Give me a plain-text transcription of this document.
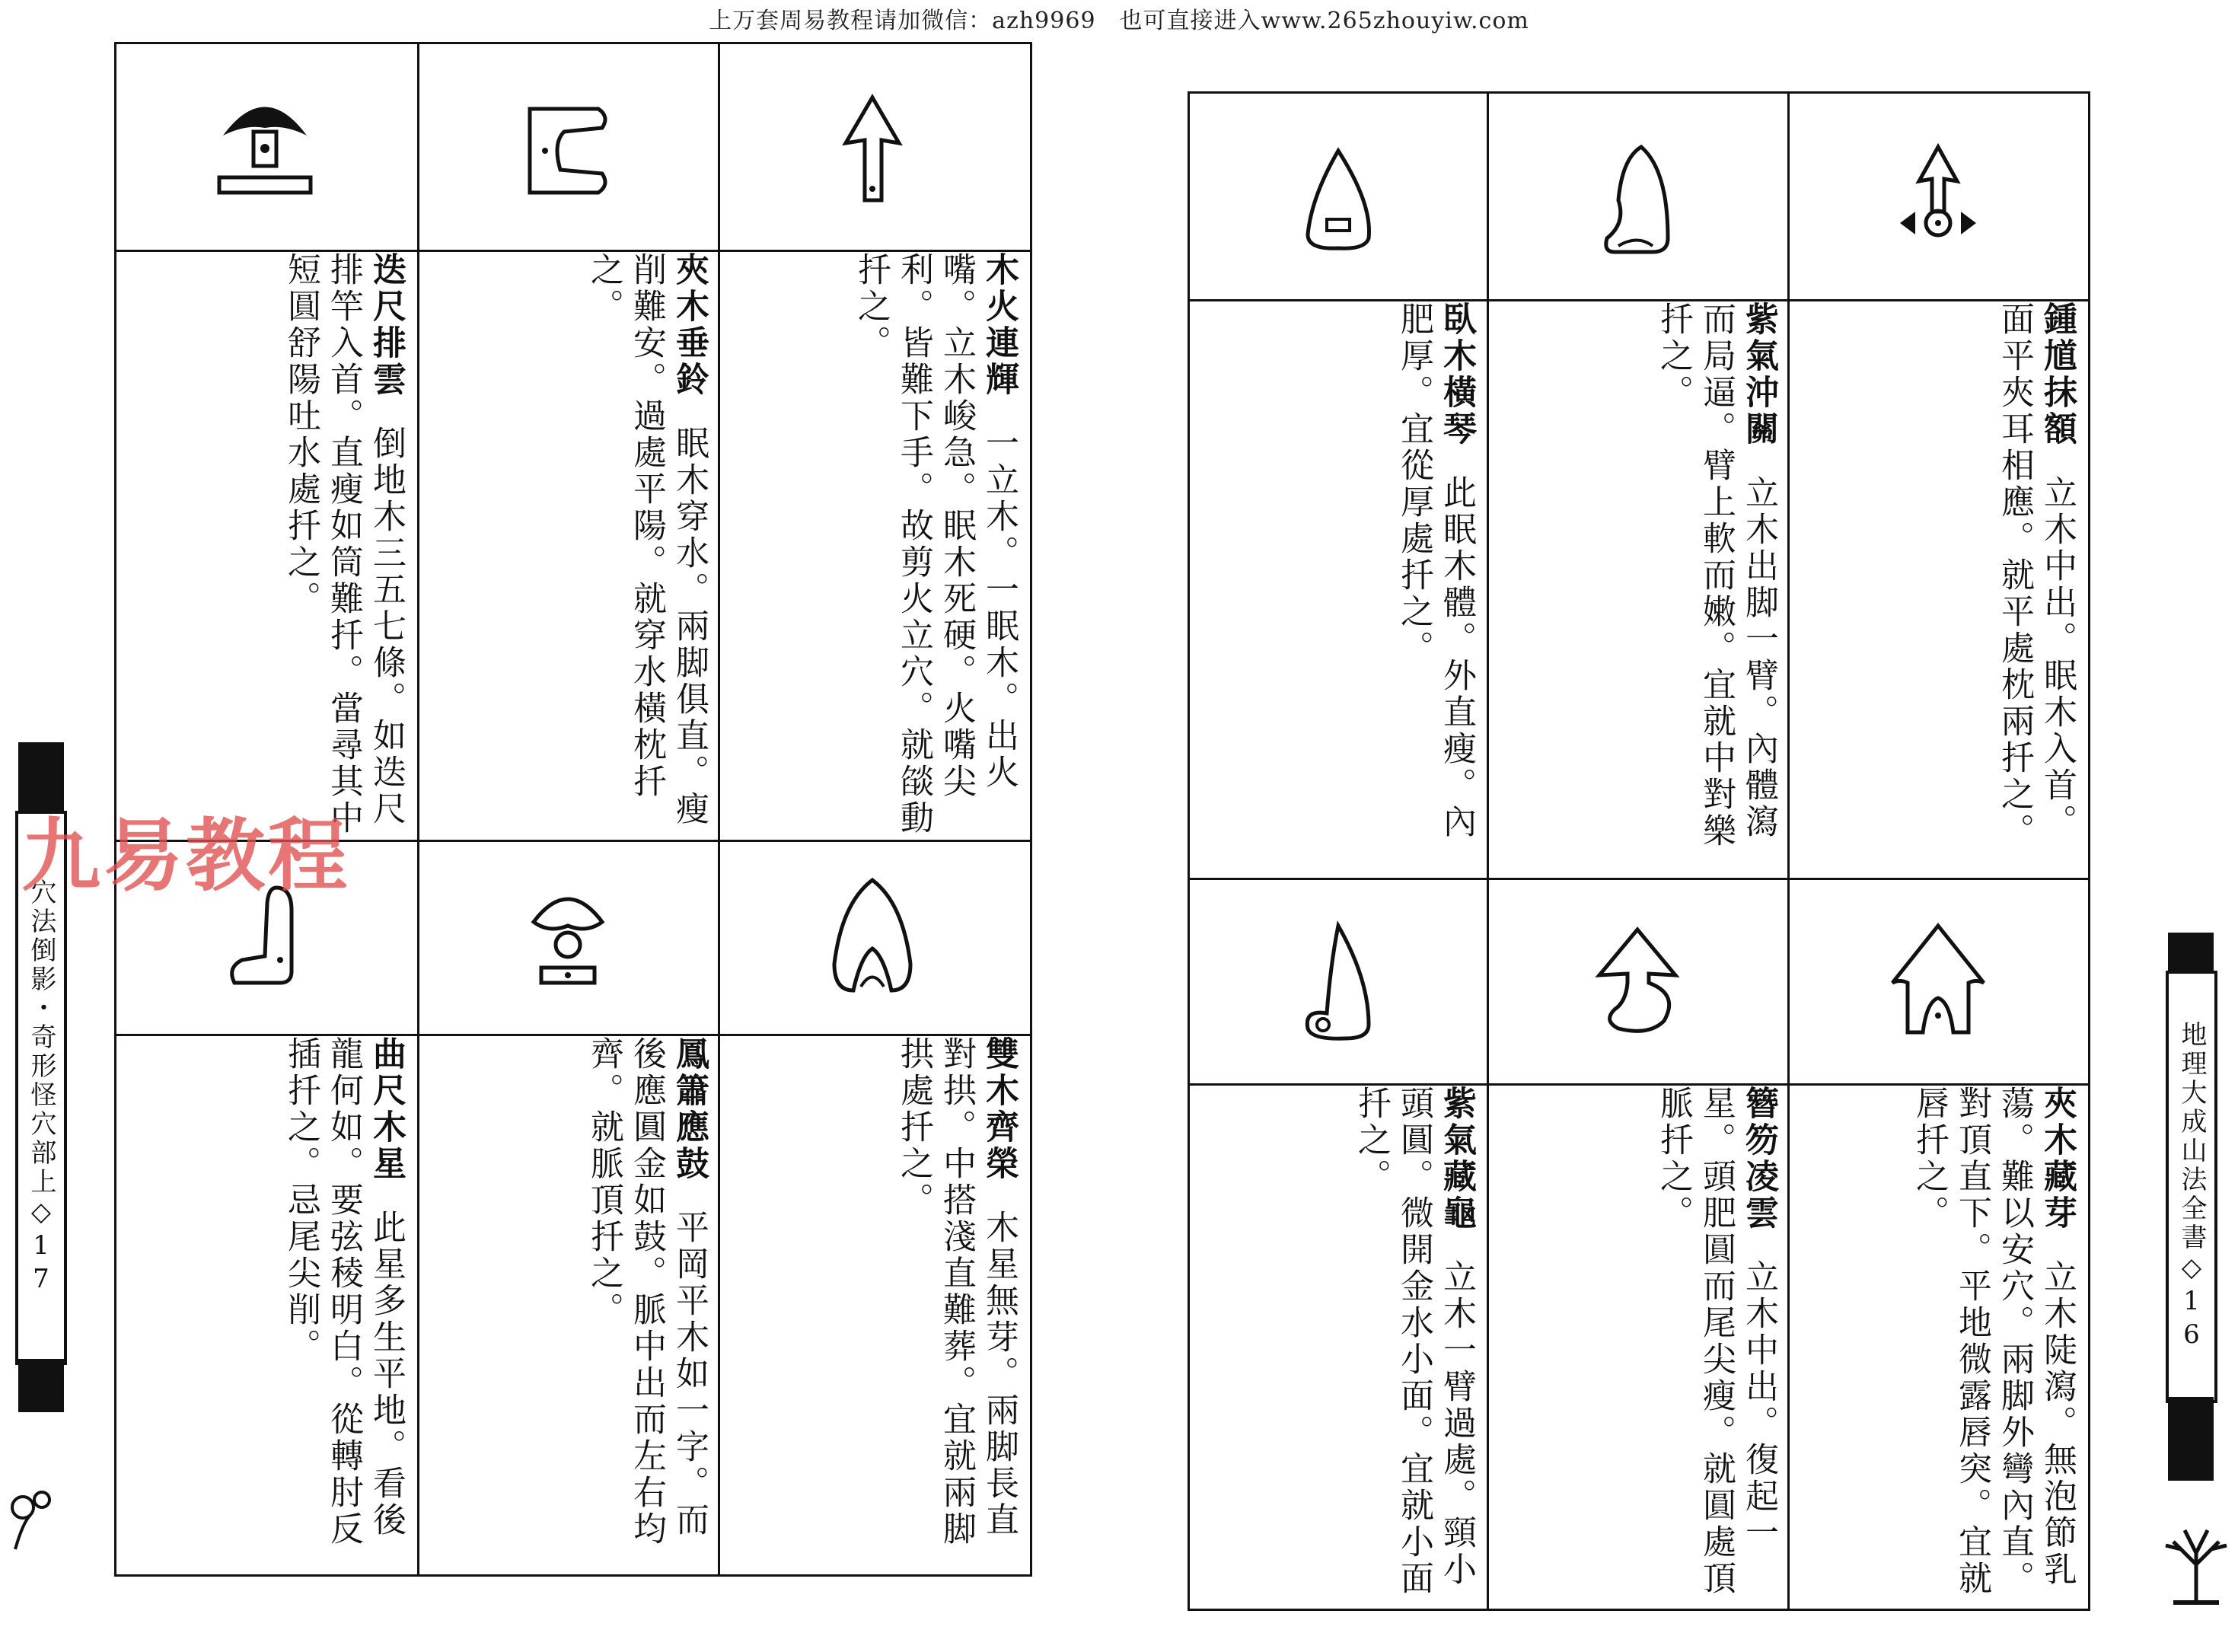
上万套周易教程请加微信：azh9969　也可直接进入www.265zhouyiw.com
木火連輝一立木。一眠木。出火嘴。立木峻急。眠木死硬。火嘴尖利。皆難下手。故剪火立穴。就燄動扦之。
夾木垂鈴眠木穿水。兩脚俱直。瘦削難安。過處平陽。就穿水橫枕扦之。
迭尺排雲倒地木三五七條。如迭尺排竿入首。直瘦如筒難扦。當尋其中短圓舒陽吐水處扦之。
雙木齊榮木星無芽。兩脚長直對拱。中搭淺直難葬。宜就兩脚拱處扦之。
鳳簫應鼓平岡平木如一字。而後應圓金如鼓。脈中出而左右均齊。就脈頂扦之。
曲尺木星此星多生平地。看後龍何如。要弦稜明白。從轉肘反插扦之。忌尾尖削。
穴法倒影・奇形怪穴部上◇17
鍾馗抹額立木中出。眠木入首。面平夾耳相應。就平處枕兩扦之。
紫氣沖關立木出脚一臂。內體瀉而局逼。臂上軟而嫩。宜就中對樂扦之。
臥木橫琴此眠木體。外直瘦。內肥厚。宜從厚處扦之。
夾木藏芽立木陡瀉。無泡節乳蕩。難以安穴。兩脚外彎內直。對頂直下。平地微露唇突。宜就唇扦之。
簪笏凌雲立木中出。復起一星。頭肥圓而尾尖瘦。就圓處頂脈扦之。
紫氣藏龜立木一臂過處。頸小頭圓。微開金水小面。宜就小面扦之。	地理大成山法全書◇16
九易教程
